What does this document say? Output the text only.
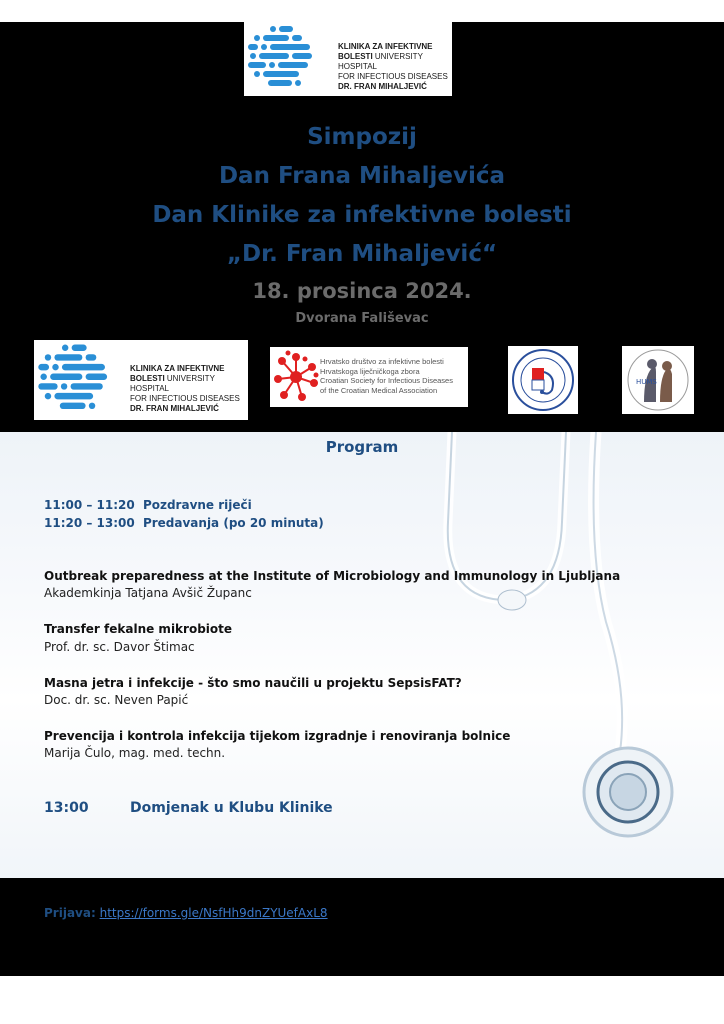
KLINIKA ZA INFEKTIVNE
BOLESTI UNIVERSITY HOSPITAL
FOR INFECTIOUS DISEASES
DR. FRAN MIHALJEVIĆ
Simpozij
Dan Frana Mihaljevića
Dan Klinike za infektivne bolesti
„Dr. Fran Mihaljević“
18. prosinca 2024.
Dvorana Fališevac
KLINIKA ZA INFEKTIVNE
BOLESTI UNIVERSITY HOSPITAL
FOR INFECTIOUS DISEASES
DR. FRAN MIHALJEVIĆ
Hrvatsko društvo za infektivne bolesti
Hrvatskoga liječničkoga zbora
Croatian Society for Infectious Diseases
of the Croatian Medical Association
HUMS
Program
11:00 – 11:20 Pozdravne riječi
11:20 – 13:00 Predavanja (po 20 minuta)
Outbreak preparedness at the Institute of Microbiology and Immunology in Ljubljana
Akademkinja Tatjana Avšič Županc
Transfer fekalne mikrobiote
Prof. dr. sc. Davor Štimac
Masna jetra i infekcije - što smo naučili u projektu SepsisFAT?
Doc. dr. sc. Neven Papić
Prevencija i kontrola infekcija tijekom izgradnje i renoviranja bolnice
Marija Čulo, mag. med. techn.
13:00	Domjenak u Klubu Klinike
Prijava: https://forms.gle/NsfHh9dnZYUefAxL8
